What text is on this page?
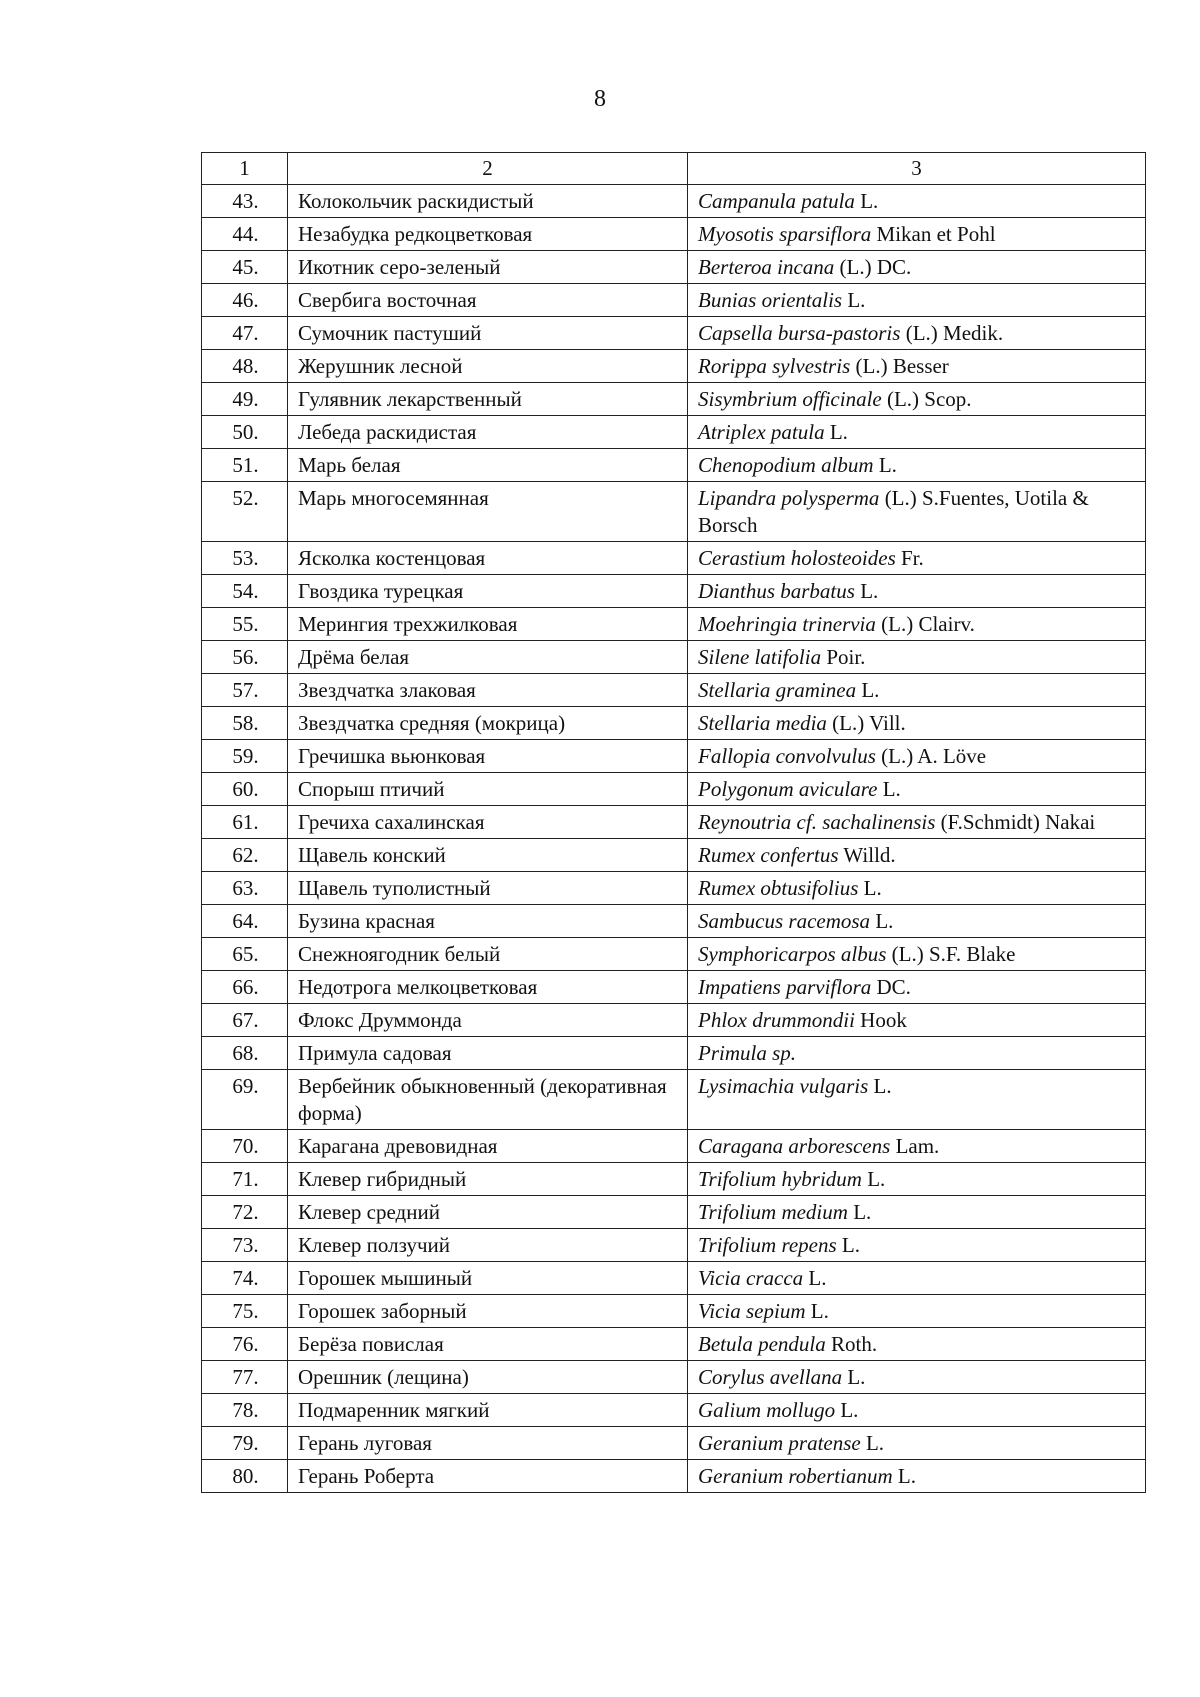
8
1	2	3
43.	Колокольчик раскидистый	Campanula patula L.
44.	Незабудка редкоцветковая	Myosotis sparsiflora Mikan et Pohl
45.	Икотник серо-зеленый	Berteroa incana (L.) DC.
46.	Свербига восточная	Bunias orientalis L.
47.	Сумочник пастуший	Capsella bursa-pastoris (L.) Medik.
48.	Жерушник лесной	Rorippa sylvestris (L.) Besser
49.	Гулявник лекарственный	Sisymbrium officinale (L.) Scop.
50.	Лебеда раскидистая	Atriplex patula L.
51.	Марь белая	Chenopodium album L.
52.	Марь многосемянная	Lipandra polysperma (L.) S.Fuentes, Uotila & Borsch
53.	Ясколка костенцовая	Cerastium holosteoides Fr.
54.	Гвоздика турецкая	Dianthus barbatus L.
55.	Мерингия трехжилковая	Moehringia trinervia (L.) Clairv.
56.	Дрёма белая	Silene latifolia Poir.
57.	Звездчатка злаковая	Stellaria graminea L.
58.	Звездчатка средняя (мокрица)	Stellaria media (L.) Vill.
59.	Гречишка вьюнковая	Fallopia convolvulus (L.) A. Löve
60.	Спорыш птичий	Polygonum aviculare L.
61.	Гречиха сахалинская	Reynoutria cf. sachalinensis (F.Schmidt) Nakai
62.	Щавель конский	Rumex confertus Willd.
63.	Щавель туполистный	Rumex obtusifolius L.
64.	Бузина красная	Sambucus racemosa L.
65.	Снежноягодник белый	Symphoricarpos albus (L.) S.F. Blake
66.	Недотрога мелкоцветковая	Impatiens parviflora DC.
67.	Флокс Друммонда	Phlox drummondii Hook
68.	Примула садовая	Primula sp.
69.	Вербейник обыкновенный (декоративная форма)	Lysimachia vulgaris L.
70.	Карагана древовидная	Caragana arborescens Lam.
71.	Клевер гибридный	Trifolium hybridum L.
72.	Клевер средний	Trifolium medium L.
73.	Клевер ползучий	Trifolium repens L.
74.	Горошек мышиный	Vicia cracca L.
75.	Горошек заборный	Vicia sepium L.
76.	Берёза повислая	Betula pendula Roth.
77.	Орешник (лещина)	Corylus avellana L.
78.	Подмаренник мягкий	Galium mollugo L.
79.	Герань луговая	Geranium pratense L.
80.	Герань Роберта	Geranium robertianum L.
